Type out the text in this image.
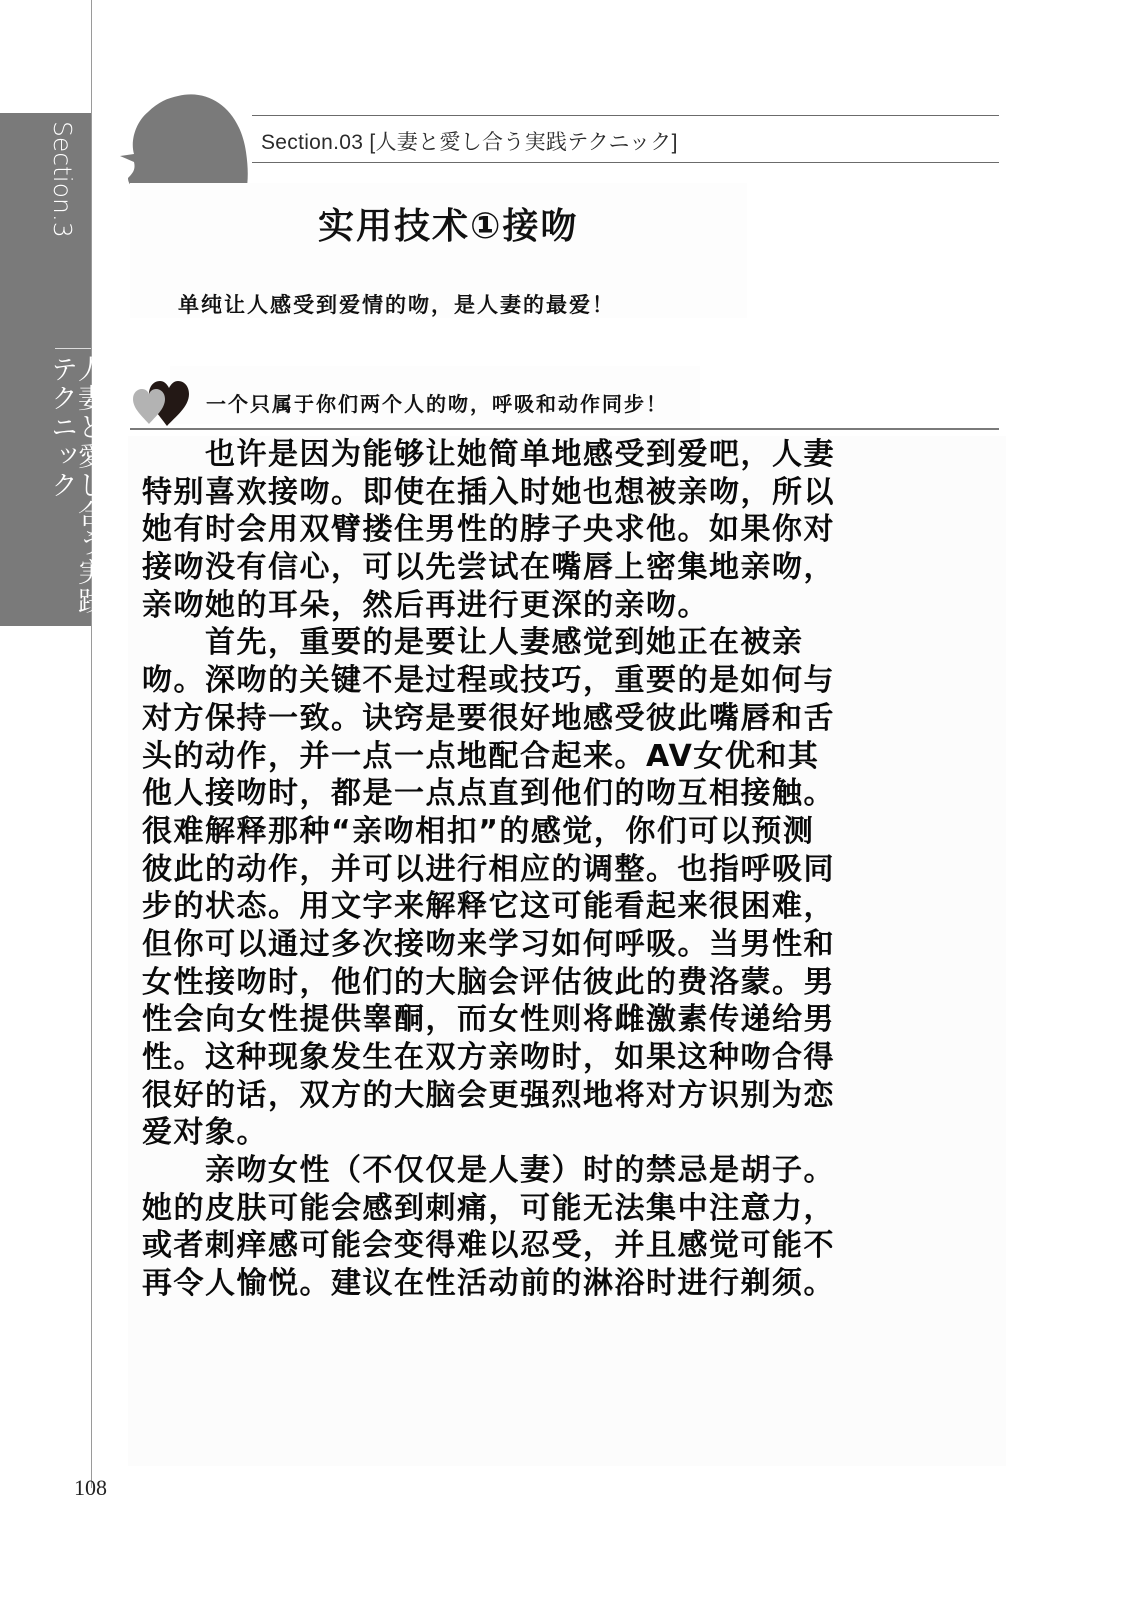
Section.3
人妻と愛し合う実践テクニック
Section.03 [人妻と愛し合う実践テクニック]
实用技术①接吻
单纯让人感受到爱情的吻，是人妻的最爱！
一个只属于你们两个人的吻，呼吸和动作同步！
　　也许是因为能够让她简单地感受到爱吧，人妻
特别喜欢接吻。即使在插入时她也想被亲吻，所以
她有时会用双臂搂住男性的脖子央求他。如果你对
接吻没有信心，可以先尝试在嘴唇上密集地亲吻，
亲吻她的耳朵，然后再进行更深的亲吻。
　　首先，重要的是要让人妻感觉到她正在被亲
吻。深吻的关键不是过程或技巧，重要的是如何与
对方保持一致。诀窍是要很好地感受彼此嘴唇和舌
头的动作，并一点一点地配合起来。AV女优和其
他人接吻时，都是一点点直到他们的吻互相接触。
很难解释那种“亲吻相扣”的感觉，你们可以预测
彼此的动作，并可以进行相应的调整。也指呼吸同
步的状态。用文字来解释它这可能看起来很困难，
但你可以通过多次接吻来学习如何呼吸。当男性和
女性接吻时，他们的大脑会评估彼此的费洛蒙。男
性会向女性提供睾酮，而女性则将雌激素传递给男
性。这种现象发生在双方亲吻时，如果这种吻合得
很好的话，双方的大脑会更强烈地将对方识别为恋
爱对象。
　　亲吻女性（不仅仅是人妻）时的禁忌是胡子。
她的皮肤可能会感到刺痛，可能无法集中注意力，
或者刺痒感可能会变得难以忍受，并且感觉可能不
再令人愉悦。建议在性活动前的淋浴时进行剃须。
108
